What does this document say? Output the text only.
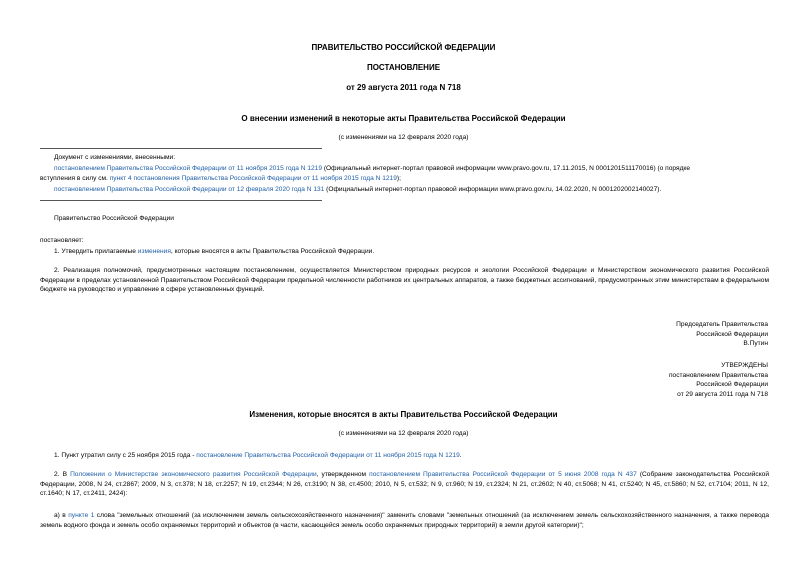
ПРАВИТЕЛЬСТВО РОССИЙСКОЙ ФЕДЕРАЦИИ
ПОСТАНОВЛЕНИЕ
от 29 августа 2011 года N 718
О внесении изменений в некоторые акты Правительства Российской Федерации
(с изменениями на 12 февраля 2020 года)
Документ с изменениями, внесенными:
постановлением Правительства Российской Федерации от 11 ноября 2015 года N 1219 (Официальный интернет-портал правовой информации www.pravo.gov.ru, 17.11.2015, N 0001201511170016) (о порядке
вступления в силу см. пункт 4 постановления Правительства Российской Федерации от 11 ноября 2015 года N 1219);
постановлением Правительства Российской Федерации от 12 февраля 2020 года N 131 (Официальный интернет-портал правовой информации www.pravo.gov.ru, 14.02.2020, N 0001202002140027).
Правительство Российской Федерации
постановляет:
1. Утвердить прилагаемые изменения, которые вносятся в акты Правительства Российской Федерации.
2. Реализация полномочий, предусмотренных настоящим постановлением, осуществляется Министерством природных ресурсов и экологии Российской Федерации и Министерством экономического развития Российской Федерации в пределах установленной Правительством Российской Федерации предельной численности работников их центральных аппаратов, а также бюджетных ассигнований, предусмотренных этим министерствам в федеральном бюджете на руководство и управление в сфере установленных функций.
Председатель Правительства
Российской Федерации
В.Путин
УТВЕРЖДЕНЫ
постановлением Правительства
Российской Федерации
от 29 августа 2011 года N 718
Изменения, которые вносятся в акты Правительства Российской Федерации
(с изменениями на 12 февраля 2020 года)
1. Пункт утратил силу с 25 ноября 2015 года - постановление Правительства Российской Федерации от 11 ноября 2015 года N 1219.
2. В Положении о Министерстве экономического развития Российской Федерации, утвержденном постановлением Правительства Российской Федерации от 5 июня 2008 года N 437 (Собрание законодательства Российской Федерации, 2008, N 24, ст.2867; 2009, N 3, ст.378; N 18, ст.2257; N 19, ст.2344; N 26, ст.3190; N 38, ст.4500; 2010, N 5, ст.532; N 9, ст.960; N 19, ст.2324; N 21, ст.2602; N 40, ст.5068; N 41, ст.5240; N 45, ст.5860; N 52, ст.7104; 2011, N 12, ст.1640; N 17, ст.2411, 2424):
а) в пункте 1 слова "земельных отношений (за исключением земель сельскохозяйственного назначения)" заменить словами "земельных отношений (за исключением земель сельскохозяйственного назначения, а также перевода земель водного фонда и земель особо охраняемых территорий и объектов (в части, касающейся земель особо охраняемых природных территорий) в земли другой категории)";
